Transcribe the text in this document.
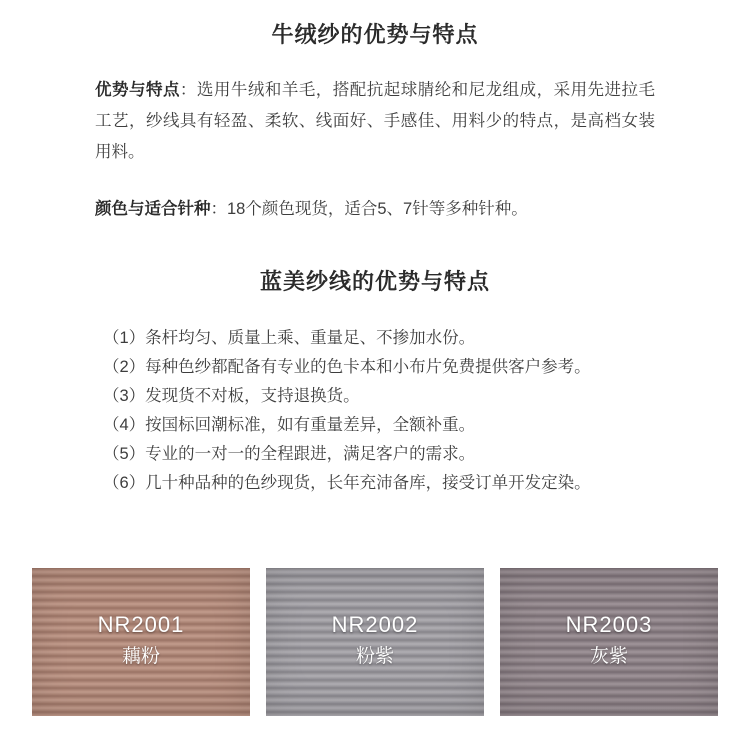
牛绒纱的优势与特点
优势与特点：选用牛绒和羊毛，搭配抗起球腈纶和尼龙组成，采用先进拉毛工艺，纱线具有轻盈、柔软、线面好、手感佳、用料少的特点，是高档女装用料。
颜色与适合针种：18个颜色现货，适合5、7针等多种针种。
蓝美纱线的优势与特点
（1）条杆均匀、质量上乘、重量足、不掺加水份。
（2）每种色纱都配备有专业的色卡本和小布片免费提供客户参考。
（3）发现货不对板，支持退换货。
（4）按国标回潮标准，如有重量差异，全额补重。
（5）专业的一对一的全程跟进，满足客户的需求。
（6）几十种品种的色纱现货，长年充沛备库，接受订单开发定染。
NR2001
藕粉
NR2002
粉紫
NR2003
灰紫
